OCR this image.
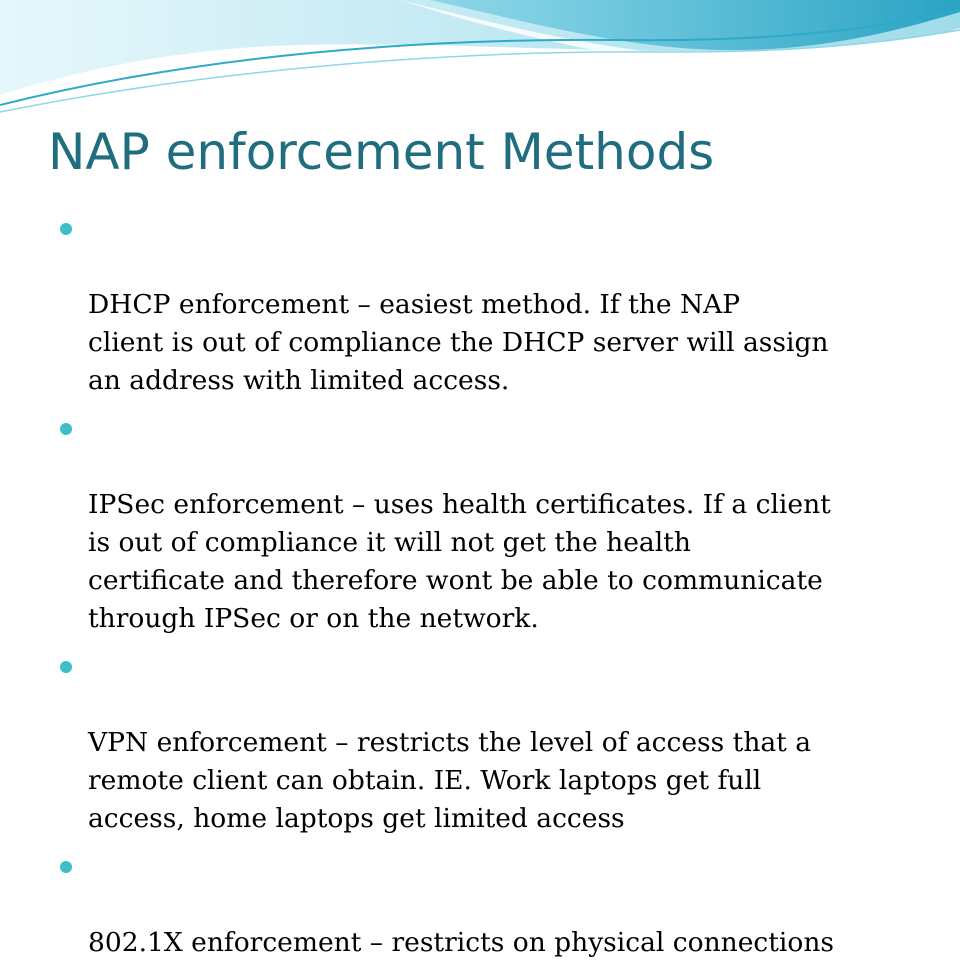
NAP enforcement Methods

DHCP enforcement – easiest method. If the NAP
client is out of compliance the DHCP server will assign
an address with limited access.

IPSec enforcement – uses health certificates. If a client
is out of compliance it will not get the health
certificate and therefore wont be able to communicate
through IPSec or on the network.

VPN enforcement – restricts the level of access that a
remote client can obtain. IE. Work laptops get full
access, home laptops get limited access

802.1X enforcement – restricts on physical connections
